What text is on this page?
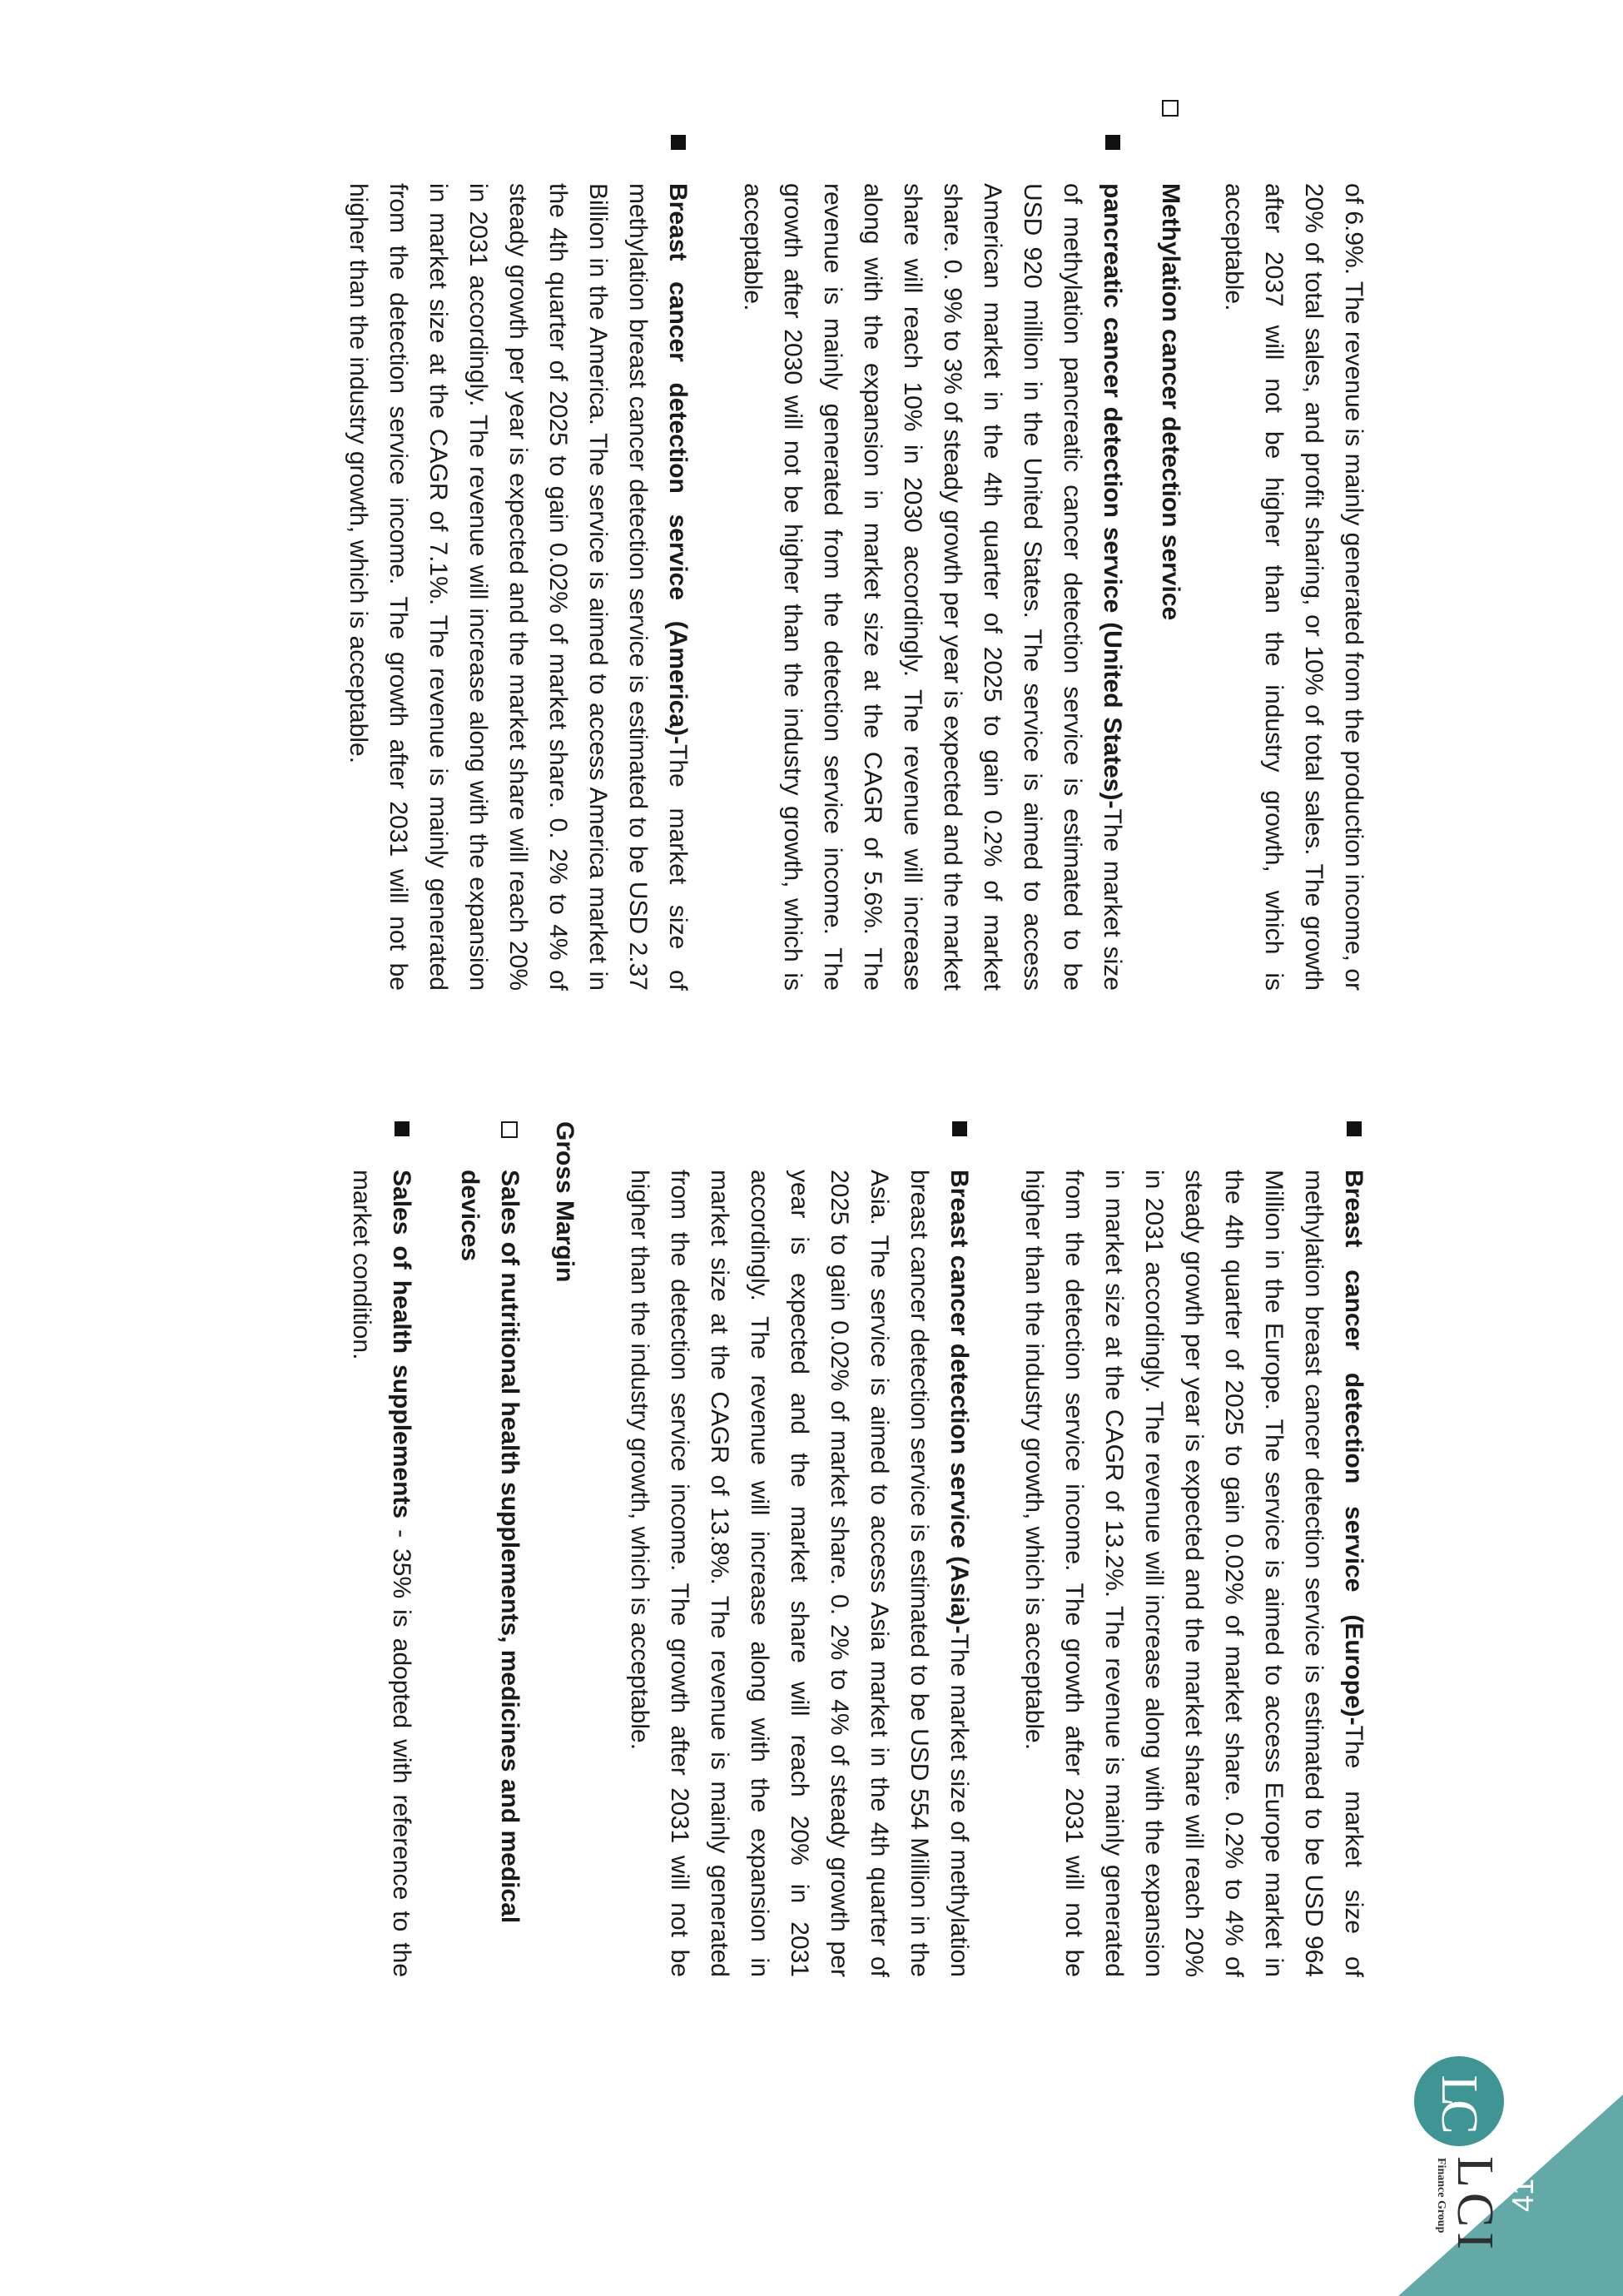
41
L​C
LCI
Finance Group

of 6.9%. The revenue is mainly generated from the production income, or 20% of total sales, and profit sharing, or 10% of total sales. The growth after 2037 will not be higher than the industry growth, which is acceptable.

Methylation cancer detection service
pancreatic cancer detection service (United States)-The market size of methylation pancreatic cancer detection service is estimated to be USD 920 million in the United States. The service is aimed to access American market in the 4th quarter of 2025 to gain 0.2% of market share. 0. 9% to 3% of steady growth per year is expected and the market share will reach 10% in 2030 accordingly. The revenue will increase along with the expansion in market size at the CAGR of 5.6%. The revenue is mainly generated from the detection service income. The growth after 2030 will not be higher than the industry growth, which is acceptable.
Breast cancer detection service (America)-The market size of methylation breast cancer detection service is estimated to be USD 2.37 Billion in the America. The service is aimed to access America market in the 4th quarter of 2025 to gain 0.02% of market share. 0. 2% to 4% of steady growth per year is expected and the market share will reach 20% in 2031 accordingly. The revenue will increase along with the expansion in market size at the CAGR of 7.1%. The revenue is mainly generated from the detection service income. The growth after 2031 will not be higher than the industry growth, which is acceptable.
Breast cancer detection service (Europe)-The market size of methylation breast cancer detection service is estimated to be USD 964 Million in the Europe. The service is aimed to access Europe market in the 4th quarter of 2025 to gain 0.02% of market share. 0.2% to 4% of steady growth per year is expected and the market share will reach 20% in 2031 accordingly. The revenue will increase along with the expansion in market size at the CAGR of 13.2%. The revenue is mainly generated from the detection service income. The growth after 2031 will not be higher than the industry growth, which is acceptable.
Breast cancer detection service (Asia)-The market size of methylation breast cancer detection service is estimated to be USD 554 Million in the Asia. The service is aimed to access Asia market in the 4th quarter of 2025 to gain 0.02% of market share. 0. 2% to 4% of steady growth per year is expected and the market share will reach 20% in 2031 accordingly. The revenue will increase along with the expansion in market size at the CAGR of 13.8%. The revenue is mainly generated from the detection service income. The growth after 2031 will not be higher than the industry growth, which is acceptable.
Gross Margin
Sales of nutritional health supplements, medicines and medical devices
Sales of health supplements - 35% is adopted with reference to the market condition.
